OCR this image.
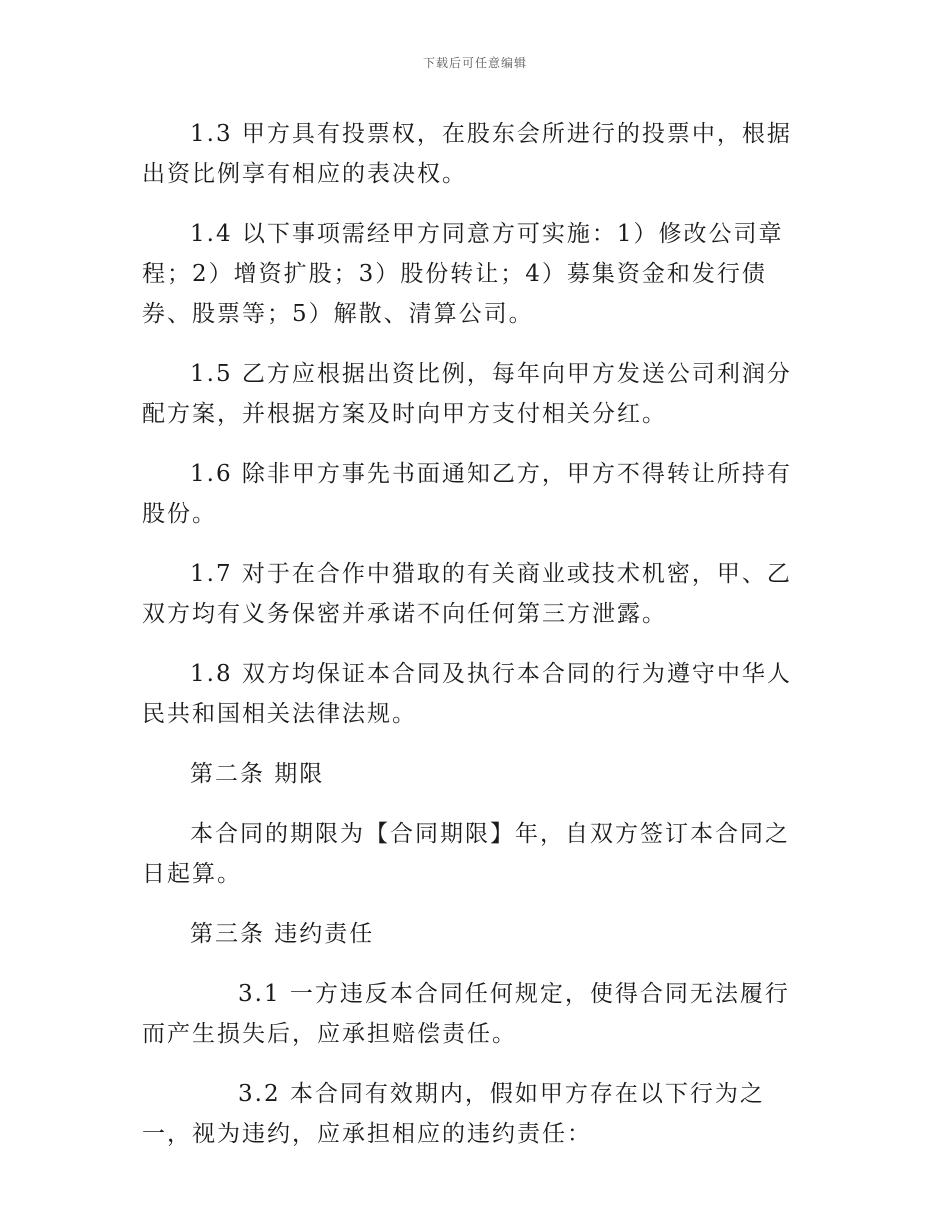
下载后可任意编辑

1.3 甲方具有投票权，在股东会所进行的投票中，根据出资比例享有相应的表决权。

1.4 以下事项需经甲方同意方可实施：1）修改公司章程；2）增资扩股；3）股份转让；4）募集资金和发行债券、股票等；5）解散、清算公司。

1.5 乙方应根据出资比例，每年向甲方发送公司利润分配方案，并根据方案及时向甲方支付相关分红。

1.6 除非甲方事先书面通知乙方，甲方不得转让所持有股份。

1.7 对于在合作中猎取的有关商业或技术机密，甲、乙双方均有义务保密并承诺不向任何第三方泄露。

1.8 双方均保证本合同及执行本合同的行为遵守中华人民共和国相关法律法规。

第二条 期限

本合同的期限为【合同期限】年，自双方签订本合同之日起算。

第三条 违约责任

3.1 一方违反本合同任何规定，使得合同无法履行而产生损失后，应承担赔偿责任。

3.2 本合同有效期内，假如甲方存在以下行为之一，视为违约，应承担相应的违约责任：
